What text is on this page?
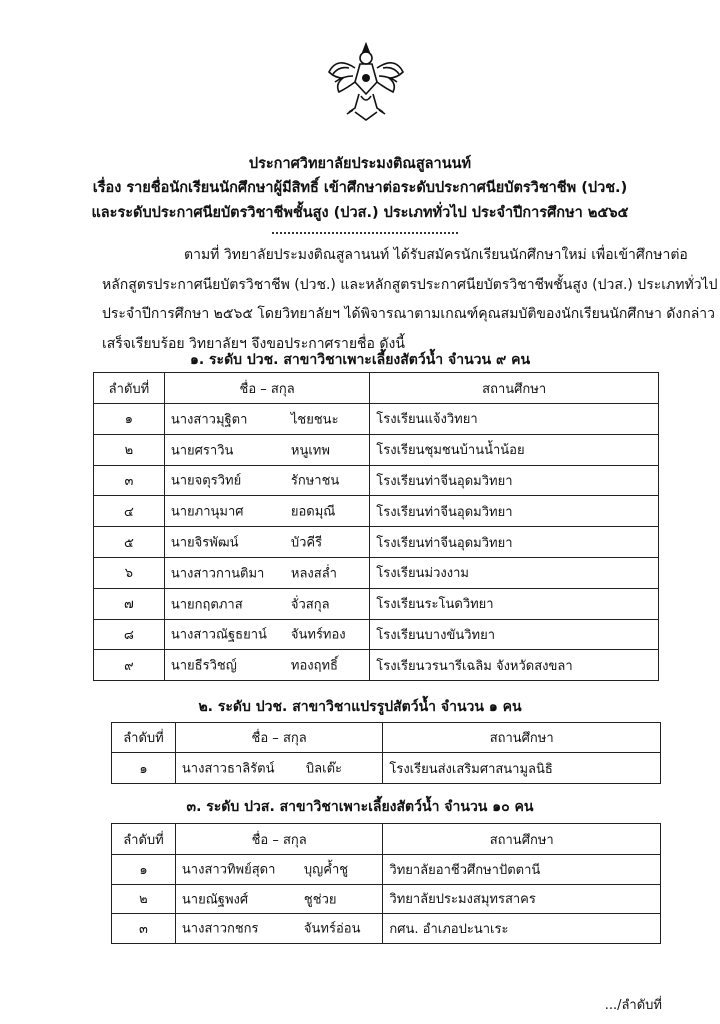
ประกาศวิทยาลัยประมงติณสูลานนท์
เรื่อง รายชื่อนักเรียนนักศึกษาผู้มีสิทธิ์ เข้าศึกษาต่อระดับประกาศนียบัตรวิชาชีพ (ปวช.)
และระดับประกาศนียบัตรวิชาชีพชั้นสูง (ปวส.) ประเภททั่วไป ประจำปีการศึกษา ๒๕๖๕
ตามที่ วิทยาลัยประมงติณสูลานนท์ ได้รับสมัครนักเรียนนักศึกษาใหม่ เพื่อเข้าศึกษาต่อ
หลักสูตรประกาศนียบัตรวิชาชีพ (ปวช.) และหลักสูตรประกาศนียบัตรวิชาชีพชั้นสูง (ปวส.) ประเภททั่วไป
ประจำปีการศึกษา ๒๕๖๕ โดยวิทยาลัยฯ ได้พิจารณาตามเกณฑ์คุณสมบัติของนักเรียนนักศึกษา ดังกล่าว
เสร็จเรียบร้อย วิทยาลัยฯ จึงขอประกาศรายชื่อ ดังนี้
๑. ระดับ ปวช. สาขาวิชาเพาะเลี้ยงสัตว์น้ำ จำนวน ๙ คน
ลำดับที่	ชื่อ – สกุล	สถานศึกษา
๑	นางสาวมุฐิตา ไชยชนะ	โรงเรียนแจ้งวิทยา
๒	นายศราวิน หนูเทพ	โรงเรียนชุมชนบ้านน้ำน้อย
๓	นายจตุรวิทย์ รักษาชน	โรงเรียนท่าจีนอุดมวิทยา
๔	นายภานุมาศ ยอดมุณี	โรงเรียนท่าจีนอุดมวิทยา
๕	นายจิรพัฒน์ บัวคีรี	โรงเรียนท่าจีนอุดมวิทยา
๖	นางสาวกานติมา หลงสล่ำ	โรงเรียนม่วงงาม
๗	นายกฤตภาส จั่วสกุล	โรงเรียนระโนดวิทยา
๘	นางสาวณัฐธยาน์ จันทร์ทอง	โรงเรียนบางขันวิทยา
๙	นายธีรวิชญ์ ทองฤทธิ์	โรงเรียนวรนารีเฉลิม จังหวัดสงขลา
๒. ระดับ ปวช. สาขาวิชาแปรรูปสัตว์น้ำ จำนวน ๑ คน
ลำดับที่	ชื่อ – สกุล	สถานศึกษา
๑	นางสาวธาลิรัตน์ บิลเต๊ะ	โรงเรียนส่งเสริมศาสนามูลนิธิ
๓. ระดับ ปวส. สาขาวิชาเพาะเลี้ยงสัตว์น้ำ จำนวน ๑๐ คน
ลำดับที่	ชื่อ – สกุล	สถานศึกษา
๑	นางสาวทิพย์สุดา บุญค้ำชู	วิทยาลัยอาชีวศึกษาปัตตานี
๒	นายณัฐพงศ์ ชูช่วย	วิทยาลัยประมงสมุทรสาคร
๓	นางสาวกชกร จันทร์อ่อน	กศน. อำเภอปะนาเระ
.../ลำดับที่
